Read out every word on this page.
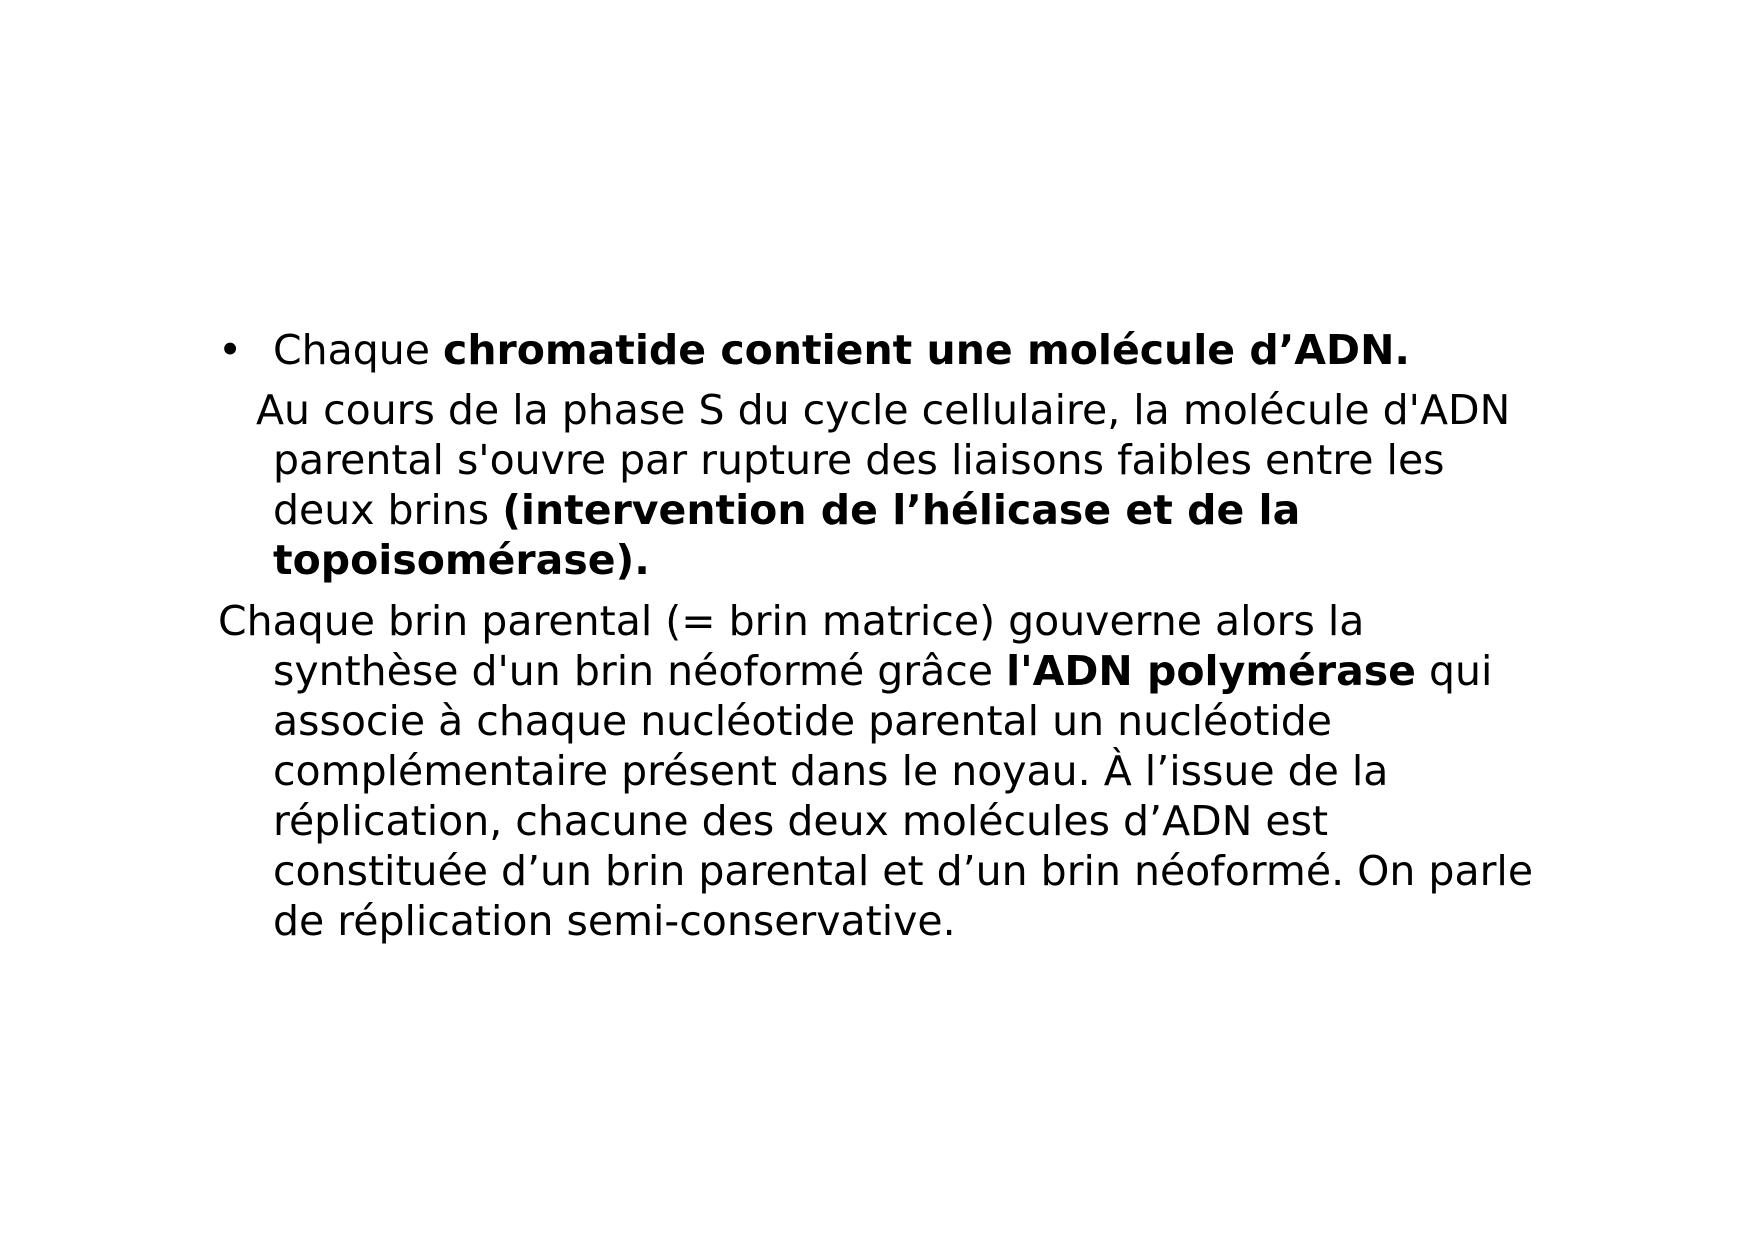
• Chaque chromatide contient une molécule d’ADN.
Au cours de la phase S du cycle cellulaire, la molécule d'ADN parental s'ouvre par rupture des liaisons faibles entre les deux brins (intervention de l’hélicase et de la topoisomérase).
Chaque brin parental (= brin matrice) gouverne alors la synthèse d'un brin néoformé grâce l'ADN polymérase qui associe à chaque nucléotide parental un nucléotide complémentaire présent dans le noyau. À l’issue de la réplication, chacune des deux molécules d’ADN est constituée d’un brin parental et d’un brin néoformé. On parle de réplication semi-conservative.
